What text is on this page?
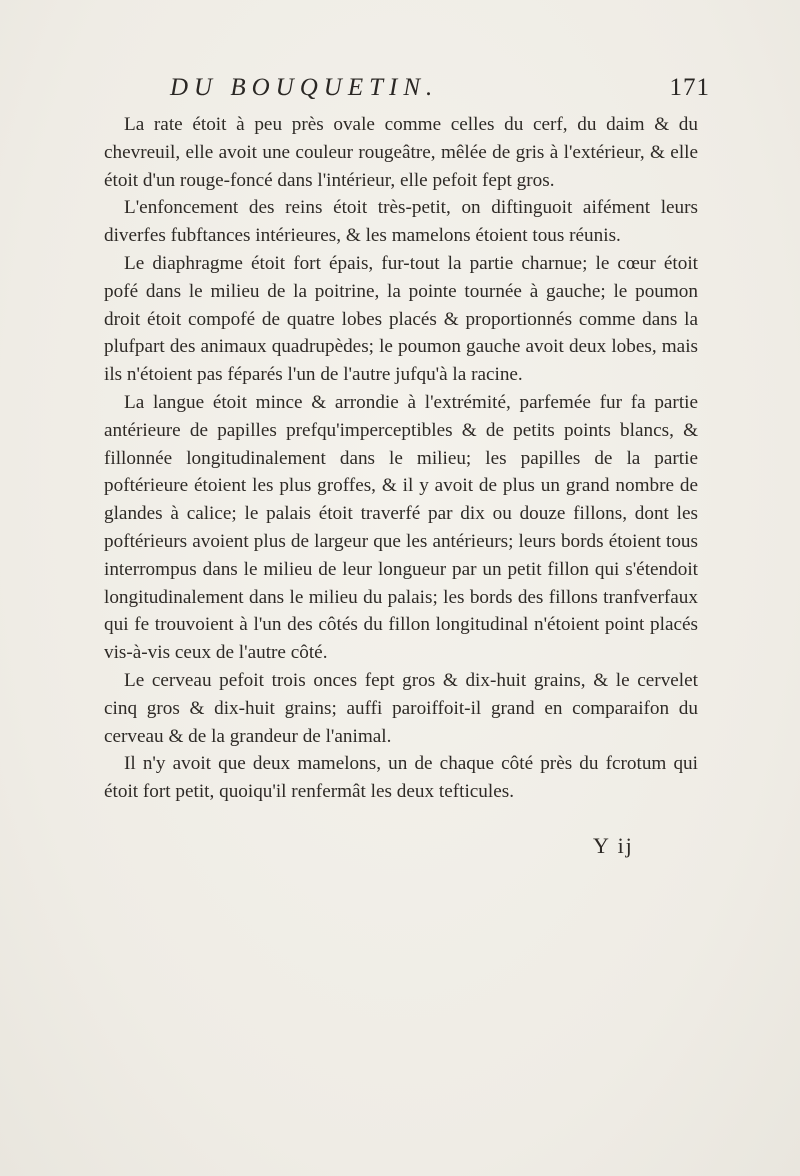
DU BOUQUETIN.	171

La rate étoit à peu près ovale comme celles du cerf, du daim & du chevreuil, elle avoit une couleur rougeâtre, mêlée de gris à l'extérieur, & elle étoit d'un rouge-foncé dans l'intérieur, elle pefoit fept gros.

L'enfoncement des reins étoit très-petit, on diftinguoit aifément leurs diverfes fubftances intérieures, & les mamelons étoient tous réunis.

Le diaphragme étoit fort épais, fur-tout la partie charnue; le cœur étoit pofé dans le milieu de la poitrine, la pointe tournée à gauche; le poumon droit étoit compofé de quatre lobes placés & proportionnés comme dans la plufpart des animaux quadrupèdes; le poumon gauche avoit deux lobes, mais ils n'étoient pas féparés l'un de l'autre jufqu'à la racine.

La langue étoit mince & arrondie à l'extrémité, parfemée fur fa partie antérieure de papilles prefqu'imperceptibles & de petits points blancs, & fillonnée longitudinalement dans le milieu; les papilles de la partie poftérieure étoient les plus groffes, & il y avoit de plus un grand nombre de glandes à calice; le palais étoit traverfé par dix ou douze fillons, dont les poftérieurs avoient plus de largeur que les antérieurs; leurs bords étoient tous interrompus dans le milieu de leur longueur par un petit fillon qui s'étendoit longitudinalement dans le milieu du palais; les bords des fillons tranfverfaux qui fe trouvoient à l'un des côtés du fillon longitudinal n'étoient point placés vis-à-vis ceux de l'autre côté.

Le cerveau pefoit trois onces fept gros & dix-huit grains, & le cervelet cinq gros & dix-huit grains; auffi paroiffoit-il grand en comparaifon du cerveau & de la grandeur de l'animal.

Il n'y avoit que deux mamelons, un de chaque côté près du fcrotum qui étoit fort petit, quoiqu'il renfermât les deux tefticules.

Y ij
